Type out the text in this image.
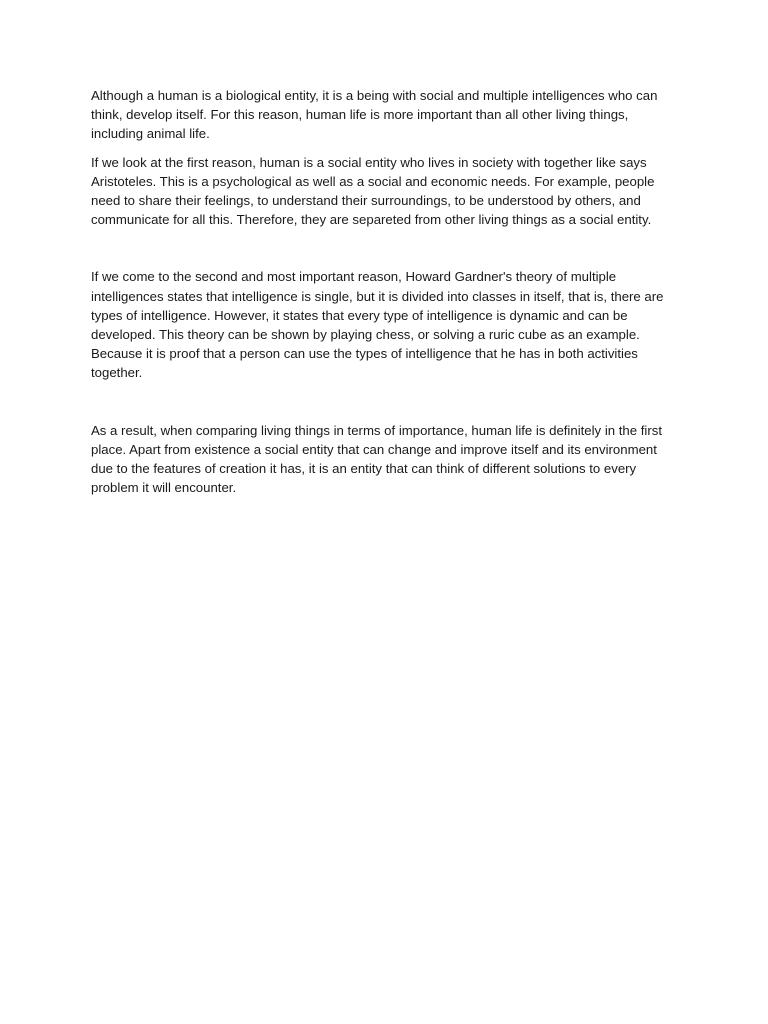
Although a human is a biological entity, it is a being with social and multiple intelligences who can think, develop itself. For this reason, human life is more important than all other living things, including animal life.

If we look at the first reason, human is a social entity who lives in society with together like says Aristoteles. This is a psychological as well as a social and economic needs. For example, people need to share their feelings, to understand their surroundings, to be understood by others, and communicate for all this. Therefore, they are separeted from other living things as a social entity.

If we come to the second and most important reason, Howard Gardner's theory of multiple intelligences states that intelligence is single, but it is divided into classes in itself, that is, there are types of intelligence. However, it states that every type of intelligence is dynamic and can be developed. This theory can be shown by playing chess, or solving a ruric cube as an example. Because it is proof that a person can use the types of intelligence that he has in both activities together.

As a result, when comparing living things in terms of importance, human life is definitely in the first place. Apart from existence a social entity that can change and improve itself and its environment due to the features of creation it has, it is an entity that can think of different solutions to every problem it will encounter.
